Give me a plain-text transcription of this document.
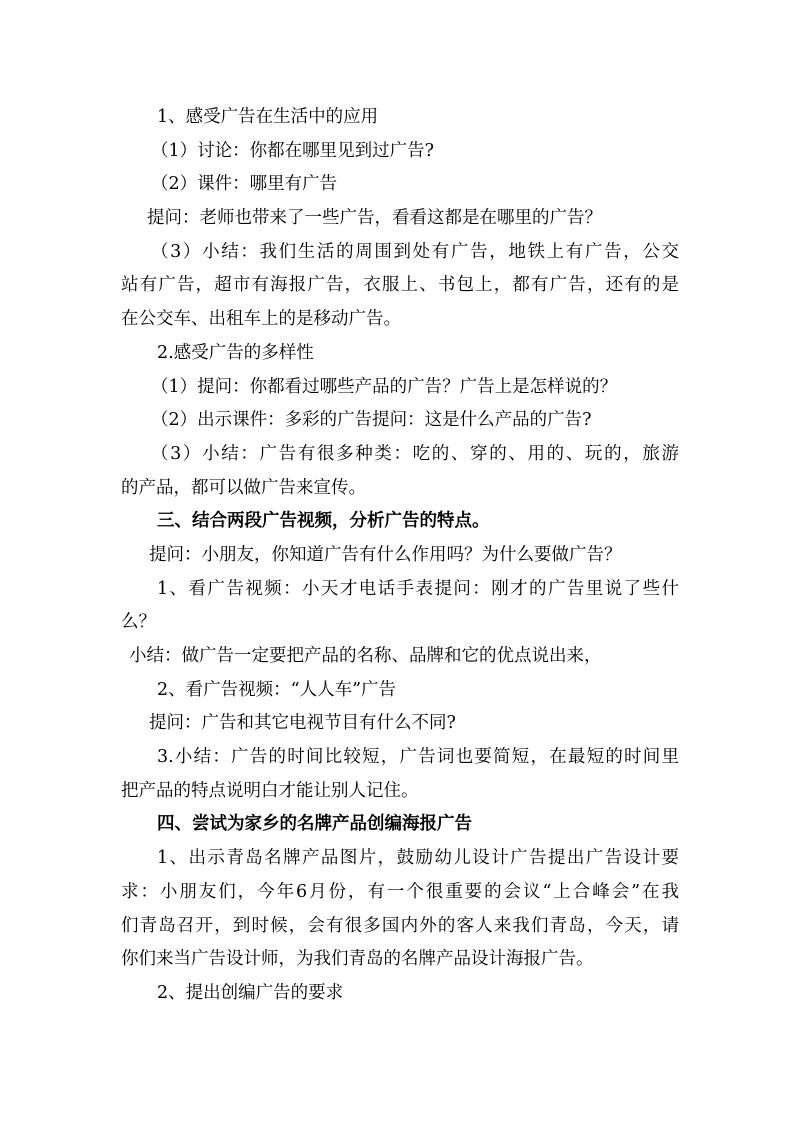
1、感受广告在生活中的应用
（1）讨论：你都在哪里见到过广告?
（2）课件：哪里有广告
提问：老师也带来了一些广告，看看这都是在哪里的广告？
（3）小结：我们生活的周围到处有广告，地铁上有广告，公交
站有广告，超市有海报广告，衣服上、书包上，都有广告，还有的是
在公交车、出租车上的是移动广告。
2.感受广告的多样性
（1）提问：你都看过哪些产品的广告？广告上是怎样说的？
（2）出示课件：多彩的广告提问：这是什么产品的广告?
（3）小结：广告有很多种类：吃的、穿的、用的、玩的，旅游
的产品，都可以做广告来宣传。
三、结合两段广告视频，分析广告的特点。
提问：小朋友，你知道广告有什么作用吗？为什么要做广告？
1、看广告视频：小天才电话手表提问：刚才的广告里说了些什
么？
小结：做广告一定要把产品的名称、品牌和它的优点说出来，
2、看广告视频：“人人车”广告
提问：广告和其它电视节目有什么不同?
3.小结：广告的时间比较短，广告词也要简短，在最短的时间里
把产品的特点说明白才能让别人记住。
四、尝试为家乡的名牌产品创编海报广告
1、出示青岛名牌产品图片，鼓励幼儿设计广告提出广告设计要
求：小朋友们，今年6月份，有一个很重要的会议“上合峰会”在我
们青岛召开，到时候，会有很多国内外的客人来我们青岛，今天，请
你们来当广告设计师，为我们青岛的名牌产品设计海报广告。
2、提出创编广告的要求
